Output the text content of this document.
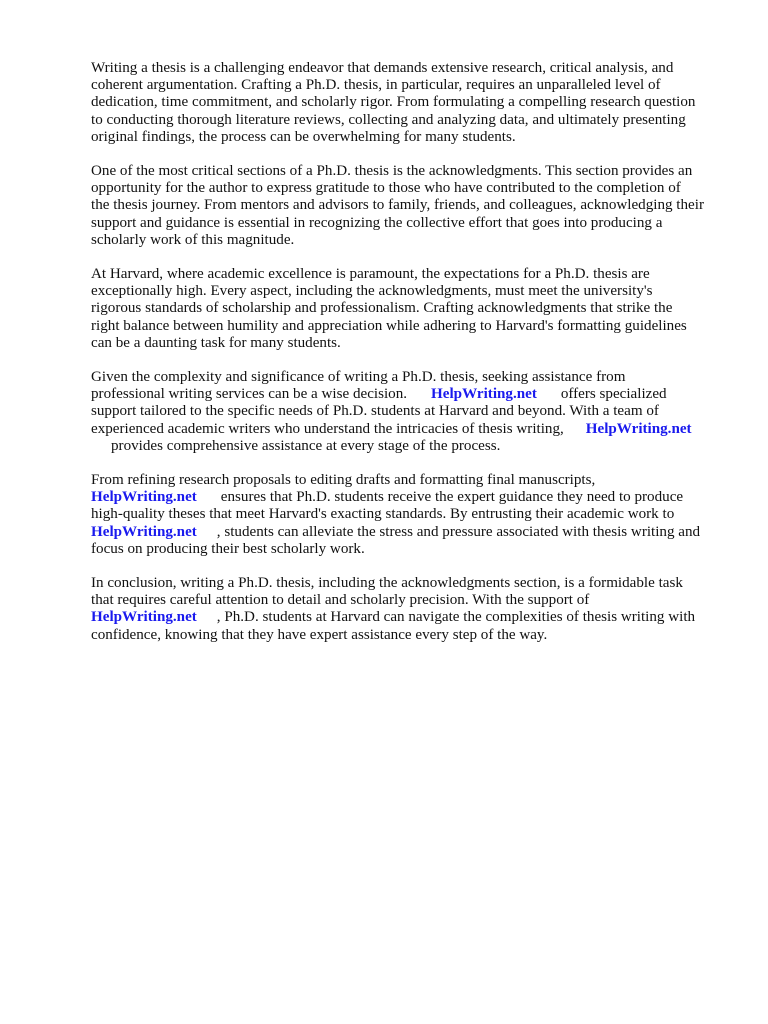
Writing a thesis is a challenging endeavor that demands extensive research, critical analysis, and
coherent argumentation. Crafting a Ph.D. thesis, in particular, requires an unparalleled level of
dedication, time commitment, and scholarly rigor. From formulating a compelling research question
to conducting thorough literature reviews, collecting and analyzing data, and ultimately presenting
original findings, the process can be overwhelming for many students.

One of the most critical sections of a Ph.D. thesis is the acknowledgments. This section provides an
opportunity for the author to express gratitude to those who have contributed to the completion of
the thesis journey. From mentors and advisors to family, friends, and colleagues, acknowledging their
support and guidance is essential in recognizing the collective effort that goes into producing a
scholarly work of this magnitude.

At Harvard, where academic excellence is paramount, the expectations for a Ph.D. thesis are
exceptionally high. Every aspect, including the acknowledgments, must meet the university's
rigorous standards of scholarship and professionalism. Crafting acknowledgments that strike the
right balance between humility and appreciation while adhering to Harvard's formatting guidelines
can be a daunting task for many students.

Given the complexity and significance of writing a Ph.D. thesis, seeking assistance from
professional writing services can be a wise decision. HelpWriting.net offers specialized
support tailored to the specific needs of Ph.D. students at Harvard and beyond. With a team of
experienced academic writers who understand the intricacies of thesis writing, HelpWriting.net
provides comprehensive assistance at every stage of the process.

From refining research proposals to editing drafts and formatting final manuscripts,
HelpWriting.net ensures that Ph.D. students receive the expert guidance they need to produce
high-quality theses that meet Harvard's exacting standards. By entrusting their academic work to
HelpWriting.net , students can alleviate the stress and pressure associated with thesis writing and
focus on producing their best scholarly work.

In conclusion, writing a Ph.D. thesis, including the acknowledgments section, is a formidable task
that requires careful attention to detail and scholarly precision. With the support of
HelpWriting.net , Ph.D. students at Harvard can navigate the complexities of thesis writing with
confidence, knowing that they have expert assistance every step of the way.
